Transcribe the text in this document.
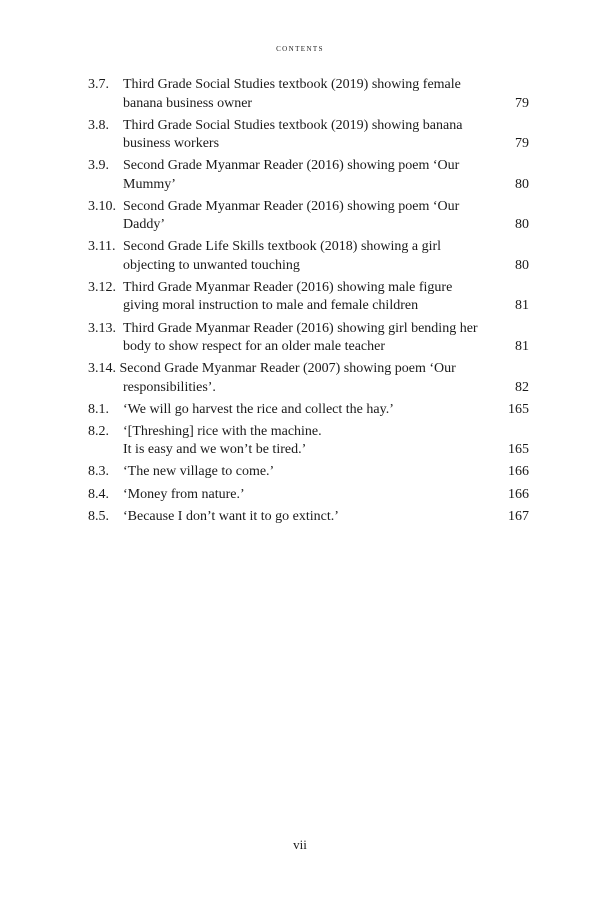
contents
3.7. Third Grade Social Studies textbook (2019) showing female
banana business owner	79
3.8. Third Grade Social Studies textbook (2019) showing banana
business workers	79
3.9. Second Grade Myanmar Reader (2016) showing poem ‘Our
Mummy’	80
3.10. Second Grade Myanmar Reader (2016) showing poem ‘Our
Daddy’	80
3.11. Second Grade Life Skills textbook (2018) showing a girl
objecting to unwanted touching	80
3.12. Third Grade Myanmar Reader (2016) showing male figure
giving moral instruction to male and female children	81
3.13. Third Grade Myanmar Reader (2016) showing girl bending her
body to show respect for an older male teacher	81
3.14. Second Grade Myanmar Reader (2007) showing poem ‘Our
responsibilities’.	82
8.1. ‘We will go harvest the rice and collect the hay.’	165
8.2. ‘[Threshing] rice with the machine.
It is easy and we won’t be tired.’	165
8.3. ‘The new village to come.’	166
8.4. ‘Money from nature.’	166
8.5. ‘Because I don’t want it to go extinct.’	167
vii
